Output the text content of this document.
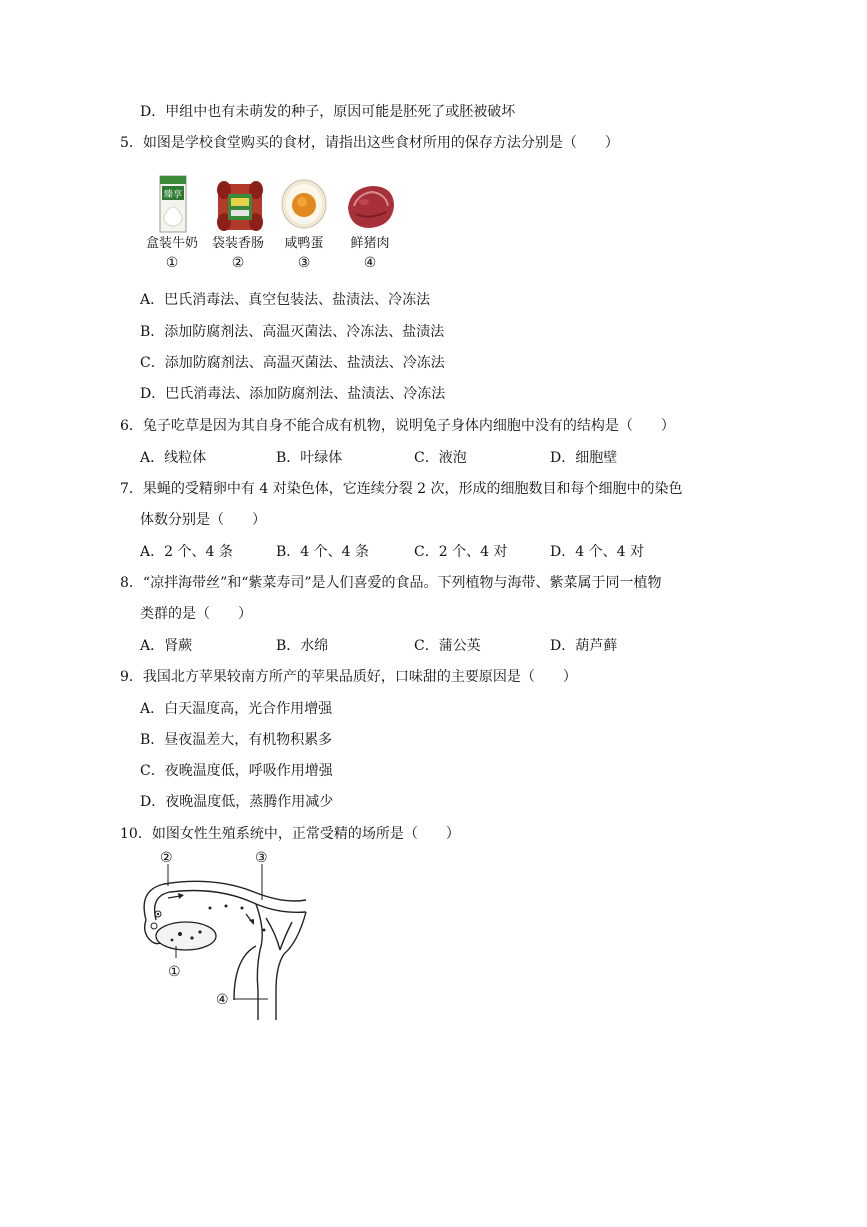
D．甲组中也有未萌发的种子，原因可能是胚死了或胚被破坏
5．如图是学校食堂购买的食材，请指出这些食材所用的保存方法分别是（　　）
臻享
盒装牛奶
①
袋装香肠
②
咸鸭蛋
③
鲜猪肉
④
A．巴氏消毒法、真空包装法、盐渍法、冷冻法
B．添加防腐剂法、高温灭菌法、冷冻法、盐渍法
C．添加防腐剂法、高温灭菌法、盐渍法、冷冻法
D．巴氏消毒法、添加防腐剂法、盐渍法、冷冻法
6．兔子吃草是因为其自身不能合成有机物，说明兔子身体内细胞中没有的结构是（　　）
A．线粒体	B．叶绿体	C．液泡	D．细胞壁
7．果蝇的受精卵中有 4 对染色体，它连续分裂 2 次，形成的细胞数目和每个细胞中的染色
体数分别是（　　）
A．2 个、4 条	B．4 个、4 条	C．2 个、4 对	D．4 个、4 对
8．“凉拌海带丝”和“紫菜寿司”是人们喜爱的食品。下列植物与海带、紫菜属于同一植物
类群的是（　　）
A．肾蕨	B．水绵	C．蒲公英	D．葫芦藓
9．我国北方苹果较南方所产的苹果品质好，口味甜的主要原因是（　　）
A．白天温度高，光合作用增强
B．昼夜温差大，有机物积累多
C．夜晚温度低，呼吸作用增强
D．夜晚温度低，蒸腾作用减少
10．如图女性生殖系统中，正常受精的场所是（　　）
②	③
①
④
